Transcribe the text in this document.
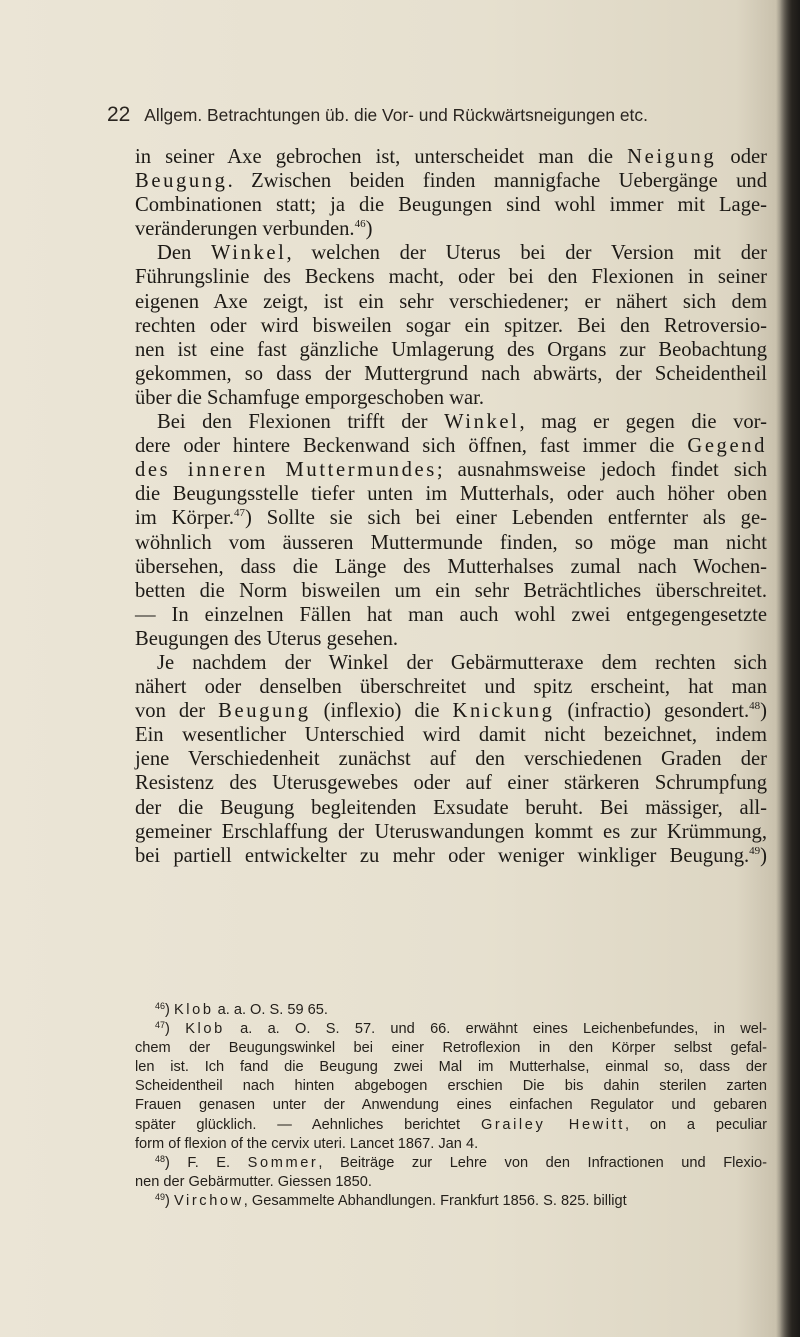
22 Allgem. Betrachtungen üb. die Vor- und Rückwärtsneigungen etc.
in seiner Axe gebrochen ist, unterscheidet man die Neigung oder
Beugung. Zwischen beiden finden mannigfache Uebergänge und
Combinationen statt; ja die Beugungen sind wohl immer mit Lage-
veränderungen verbunden.$^{46}$)
Den Winkel, welchen der Uterus bei der Version mit der
Führungslinie des Beckens macht, oder bei den Flexionen in seiner
eigenen Axe zeigt, ist ein sehr verschiedener; er nähert sich dem
rechten oder wird bisweilen sogar ein spitzer. Bei den Retroversio-
nen ist eine fast gänzliche Umlagerung des Organs zur Beobachtung
gekommen, so dass der Muttergrund nach abwärts, der Scheidentheil
über die Schamfuge emporgeschoben war.
Bei den Flexionen trifft der Winkel, mag er gegen die vor-
dere oder hintere Beckenwand sich öffnen, fast immer die Gegend
des inneren Muttermundes; ausnahmsweise jedoch findet sich
die Beugungsstelle tiefer unten im Mutterhals, oder auch höher oben
im Körper.$^{47}$) Sollte sie sich bei einer Lebenden entfernter als ge-
wöhnlich vom äusseren Muttermunde finden, so möge man nicht
übersehen, dass die Länge des Mutterhalses zumal nach Wochen-
betten die Norm bisweilen um ein sehr Beträchtliches überschreitet.
— In einzelnen Fällen hat man auch wohl zwei entgegengesetzte
Beugungen des Uterus gesehen.
Je nachdem der Winkel der Gebärmutteraxe dem rechten sich
nähert oder denselben überschreitet und spitz erscheint, hat man
von der Beugung (inflexio) die Knickung (infractio) gesondert.$^{48}$)
Ein wesentlicher Unterschied wird damit nicht bezeichnet, indem
jene Verschiedenheit zunächst auf den verschiedenen Graden der
Resistenz des Uterusgewebes oder auf einer stärkeren Schrumpfung
der die Beugung begleitenden Exsudate beruht. Bei mässiger, all-
gemeiner Erschlaffung der Uteruswandungen kommt es zur Krümmung,
bei partiell entwickelter zu mehr oder weniger winkliger Beugung.$^{49}$)
$^{46}$) Klob a. a. O. S. 59 65.
$^{47}$) Klob a. a. O. S. 57. und 66. erwähnt eines Leichenbefundes, in wel-
chem der Beugungswinkel bei einer Retroflexion in den Körper selbst gefal-
len ist. Ich fand die Beugung zwei Mal im Mutterhalse, einmal so, dass der
Scheidentheil nach hinten abgebogen erschien Die bis dahin sterilen zarten
Frauen genasen unter der Anwendung eines einfachen Regulator und gebaren
später glücklich. — Aehnliches berichtet Grailey Hewitt, on a peculiar
form of flexion of the cervix uteri. Lancet 1867. Jan 4.
$^{48}$) F. E. Sommer, Beiträge zur Lehre von den Infractionen und Flexio-
nen der Gebärmutter. Giessen 1850.
$^{49}$) Virchow, Gesammelte Abhandlungen. Frankfurt 1856. S. 825. billigt
